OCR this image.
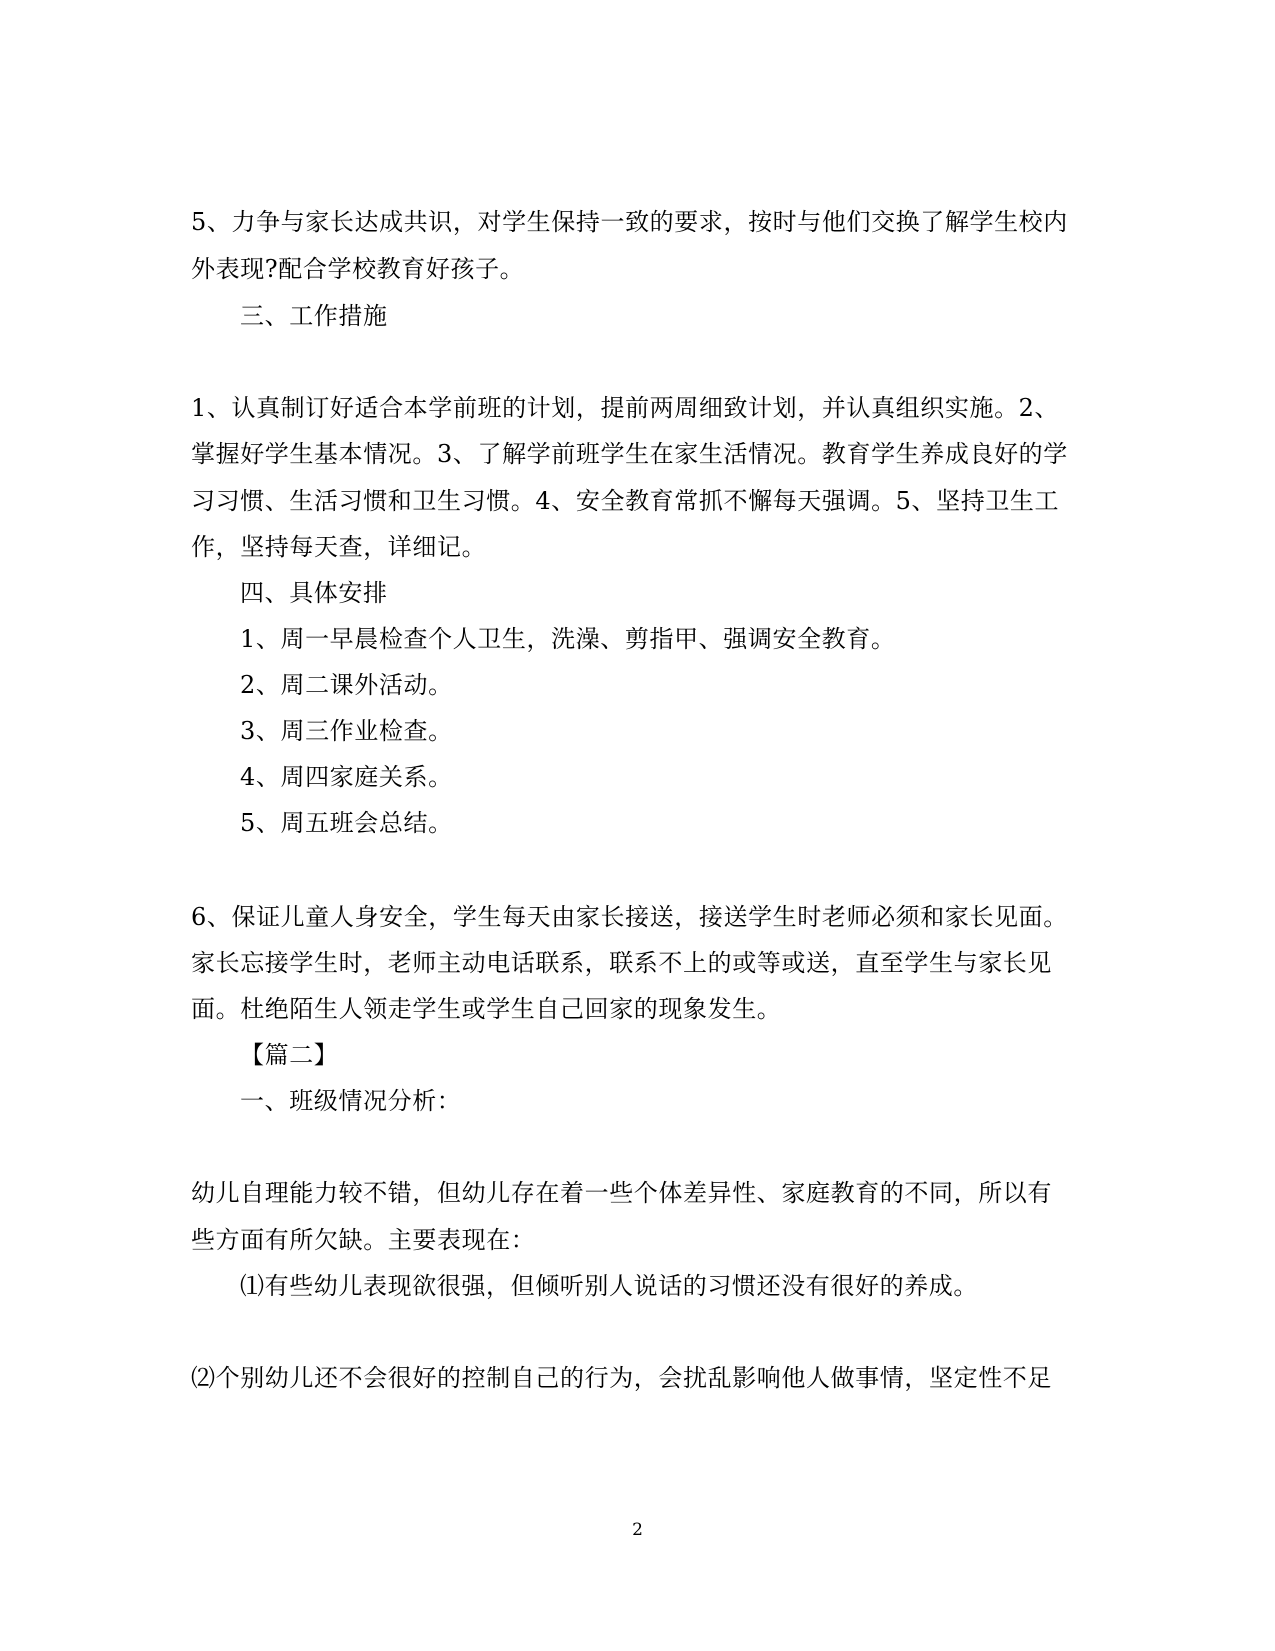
5、力争与家长达成共识，对学生保持一致的要求，按时与他们交换了解学生校内
外表现?配合学校教育好孩子。
三、工作措施
1、认真制订好适合本学前班的计划，提前两周细致计划，并认真组织实施。2、
掌握好学生基本情况。3、了解学前班学生在家生活情况。教育学生养成良好的学
习习惯、生活习惯和卫生习惯。4、安全教育常抓不懈每天强调。5、坚持卫生工
作，坚持每天查，详细记。
四、具体安排
1、周一早晨检查个人卫生，洗澡、剪指甲、强调安全教育。
2、周二课外活动。
3、周三作业检查。
4、周四家庭关系。
5、周五班会总结。
6、保证儿童人身安全，学生每天由家长接送，接送学生时老师必须和家长见面。
家长忘接学生时，老师主动电话联系，联系不上的或等或送，直至学生与家长见
面。杜绝陌生人领走学生或学生自己回家的现象发生。
【篇二】
一、班级情况分析：
幼儿自理能力较不错，但幼儿存在着一些个体差异性、家庭教育的不同，所以有
些方面有所欠缺。主要表现在：
⑴有些幼儿表现欲很强，但倾听别人说话的习惯还没有很好的养成。
⑵个别幼儿还不会很好的控制自己的行为，会扰乱影响他人做事情，坚定性不足
2
